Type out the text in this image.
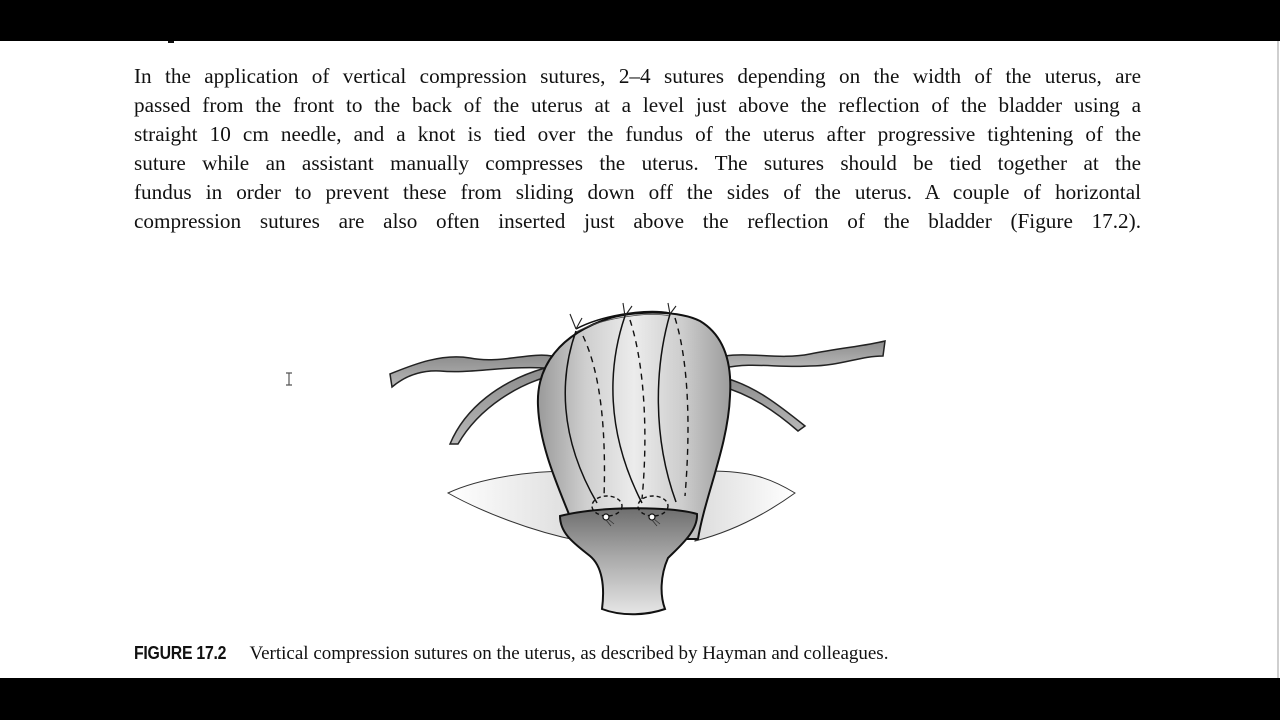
In the application of vertical compression sutures, 2–4 sutures depending on the width of the uterus, are
passed from the front to the back of the uterus at a level just above the reflection of the bladder using a
straight 10 cm needle, and a knot is tied over the fundus of the uterus after progressive tightening of the
suture while an assistant manually compresses the uterus. The sutures should be tied together at the
fundus in order to prevent these from sliding down off the sides of the uterus. A couple of horizontal
compression sutures are also often inserted just above the reflection of the bladder (Figure 17.2).
FIGURE 17.2 Vertical compression sutures on the uterus, as described by Hayman and colleagues.
